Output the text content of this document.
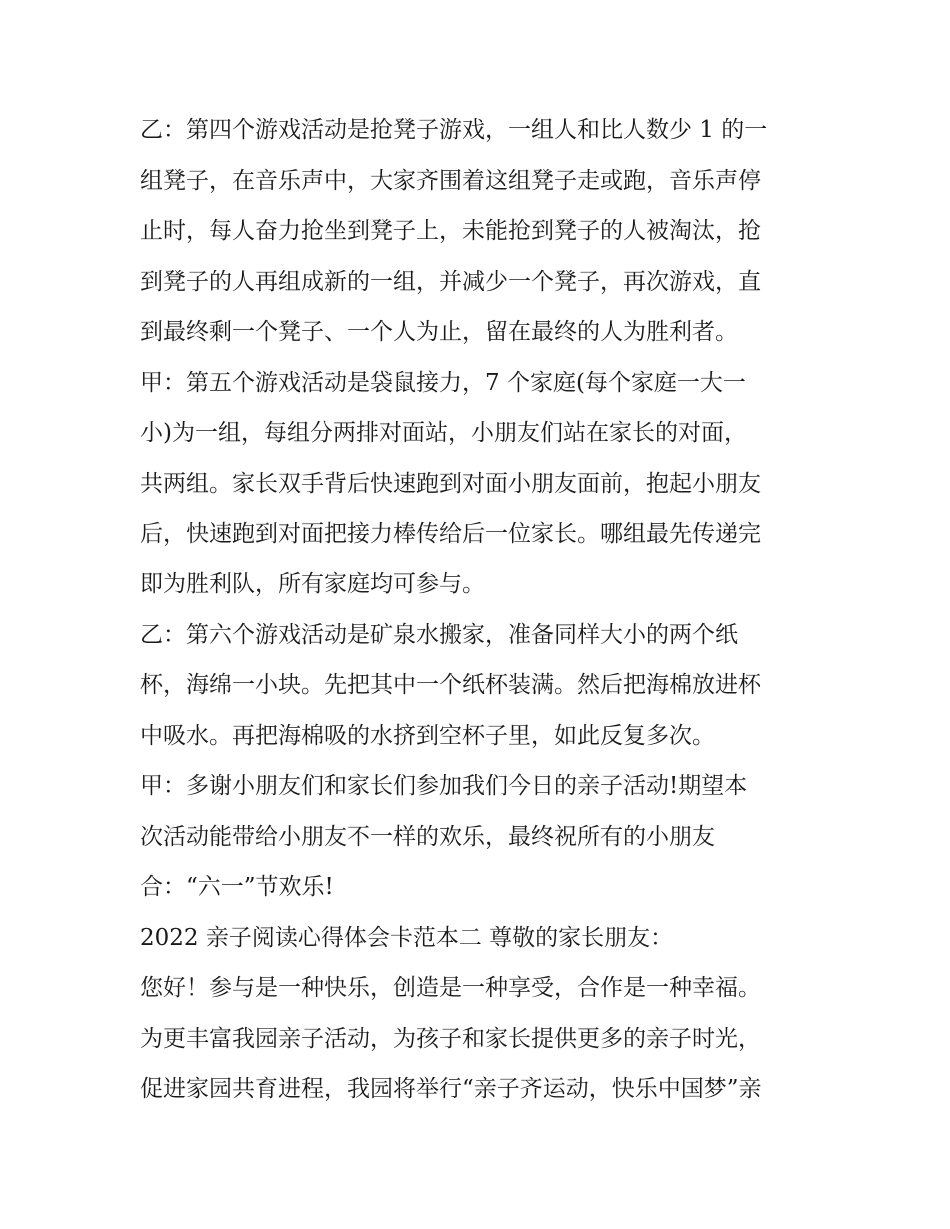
乙：第四个游戏活动是抢凳子游戏，一组人和比人数少 1 的一
组凳子，在音乐声中，大家齐围着这组凳子走或跑，音乐声停
止时，每人奋力抢坐到凳子上，未能抢到凳子的人被淘汰，抢
到凳子的人再组成新的一组，并减少一个凳子，再次游戏，直
到最终剩一个凳子、一个人为止，留在最终的人为胜利者。
甲：第五个游戏活动是袋鼠接力，7 个家庭(每个家庭一大一
小)为一组，每组分两排对面站，小朋友们站在家长的对面，
共两组。家长双手背后快速跑到对面小朋友面前，抱起小朋友
后，快速跑到对面把接力棒传给后一位家长。哪组最先传递完
即为胜利队，所有家庭均可参与。
乙：第六个游戏活动是矿泉水搬家，准备同样大小的两个纸
杯，海绵一小块。先把其中一个纸杯装满。然后把海棉放进杯
中吸水。再把海棉吸的水挤到空杯子里，如此反复多次。
甲：多谢小朋友们和家长们参加我们今日的亲子活动!期望本
次活动能带给小朋友不一样的欢乐，最终祝所有的小朋友
合：“六一”节欢乐!
2022 亲子阅读心得体会卡范本二 尊敬的家长朋友：
您好！参与是一种快乐，创造是一种享受，合作是一种幸福。
为更丰富我园亲子活动，为孩子和家长提供更多的亲子时光，
促进家园共育进程，我园将举行“亲子齐运动，快乐中国梦”亲
